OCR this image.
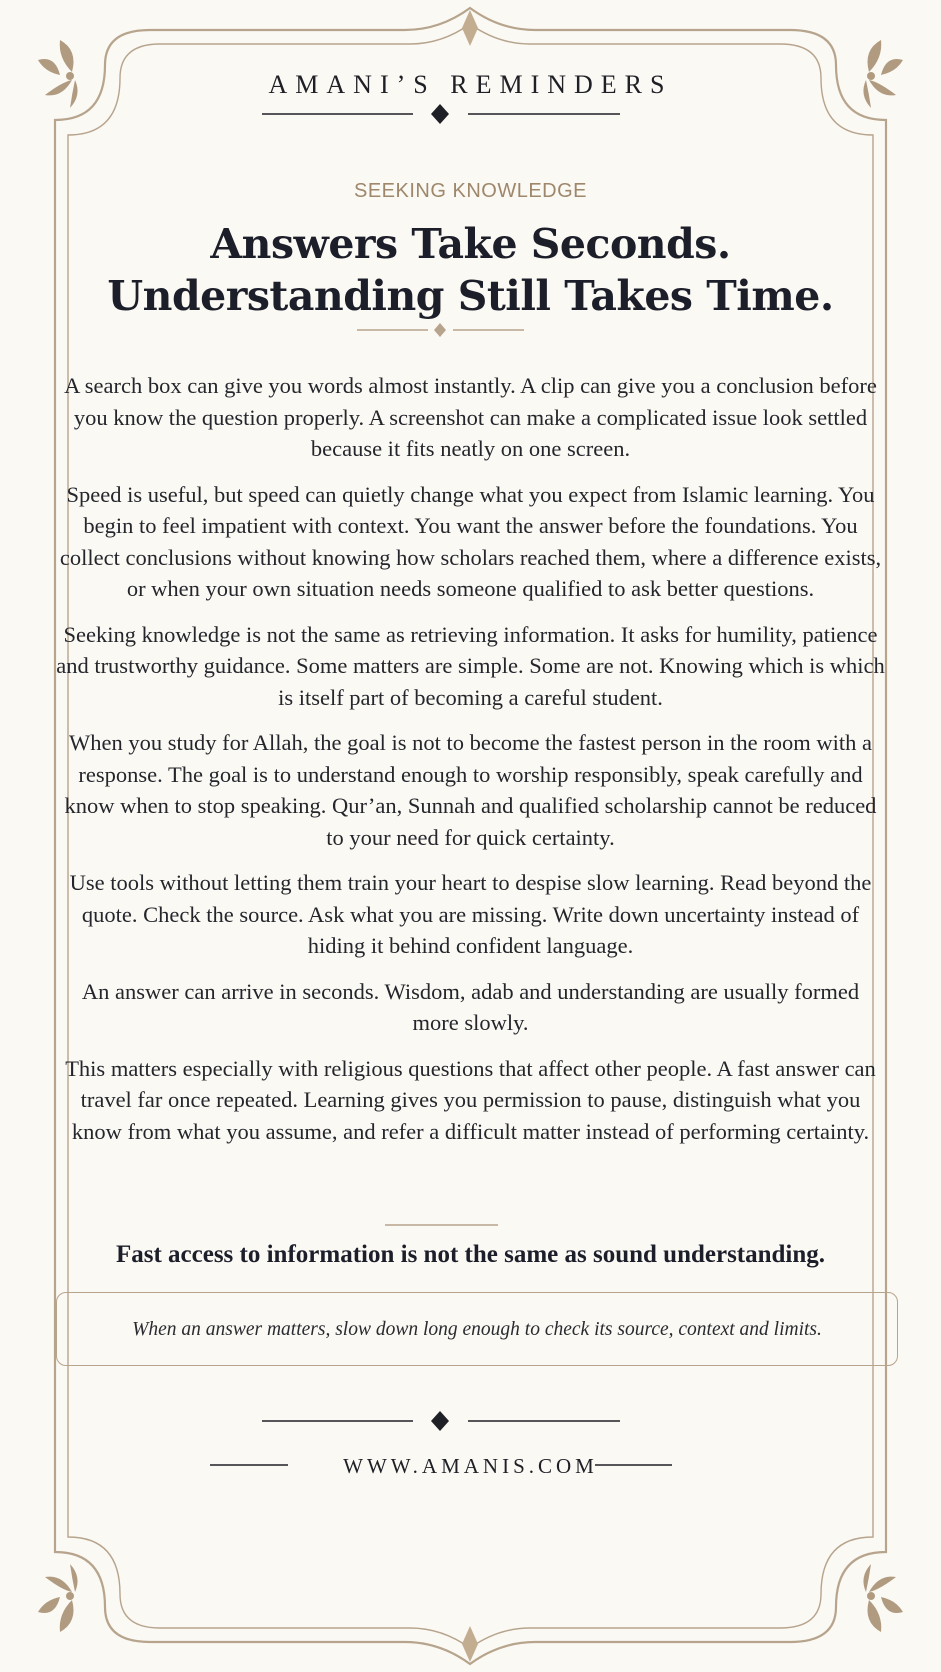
AMANI’S REMINDERS
SEEKING KNOWLEDGE
Answers Take Seconds.
Understanding Still Takes Time.

A search box can give you words almost instantly. A clip can give you a conclusion before you know the question properly. A screenshot can make a complicated issue look settled because it fits neatly on one screen.

Speed is useful, but speed can quietly change what you expect from Islamic learning. You begin to feel impatient with context. You want the answer before the foundations. You collect conclusions without knowing how scholars reached them, where a difference exists, or when your own situation needs someone qualified to ask better questions.

Seeking knowledge is not the same as retrieving information. It asks for humility, patience and trustworthy guidance. Some matters are simple. Some are not. Knowing which is which is itself part of becoming a careful student.

When you study for Allah, the goal is not to become the fastest person in the room with a response. The goal is to understand enough to worship responsibly, speak carefully and know when to stop speaking. Qur’an, Sunnah and qualified scholarship cannot be reduced to your need for quick certainty.

Use tools without letting them train your heart to despise slow learning. Read beyond the quote. Check the source. Ask what you are missing. Write down uncertainty instead of hiding it behind confident language.

An answer can arrive in seconds. Wisdom, adab and understanding are usually formed more slowly.

This matters especially with religious questions that affect other people. A fast answer can travel far once repeated. Learning gives you permission to pause, distinguish what you know from what you assume, and refer a difficult matter instead of performing certainty.

Fast access to information is not the same as sound understanding.
When an answer matters, slow down long enough to check its source, context and limits.
WWW.AMANIS.COM
